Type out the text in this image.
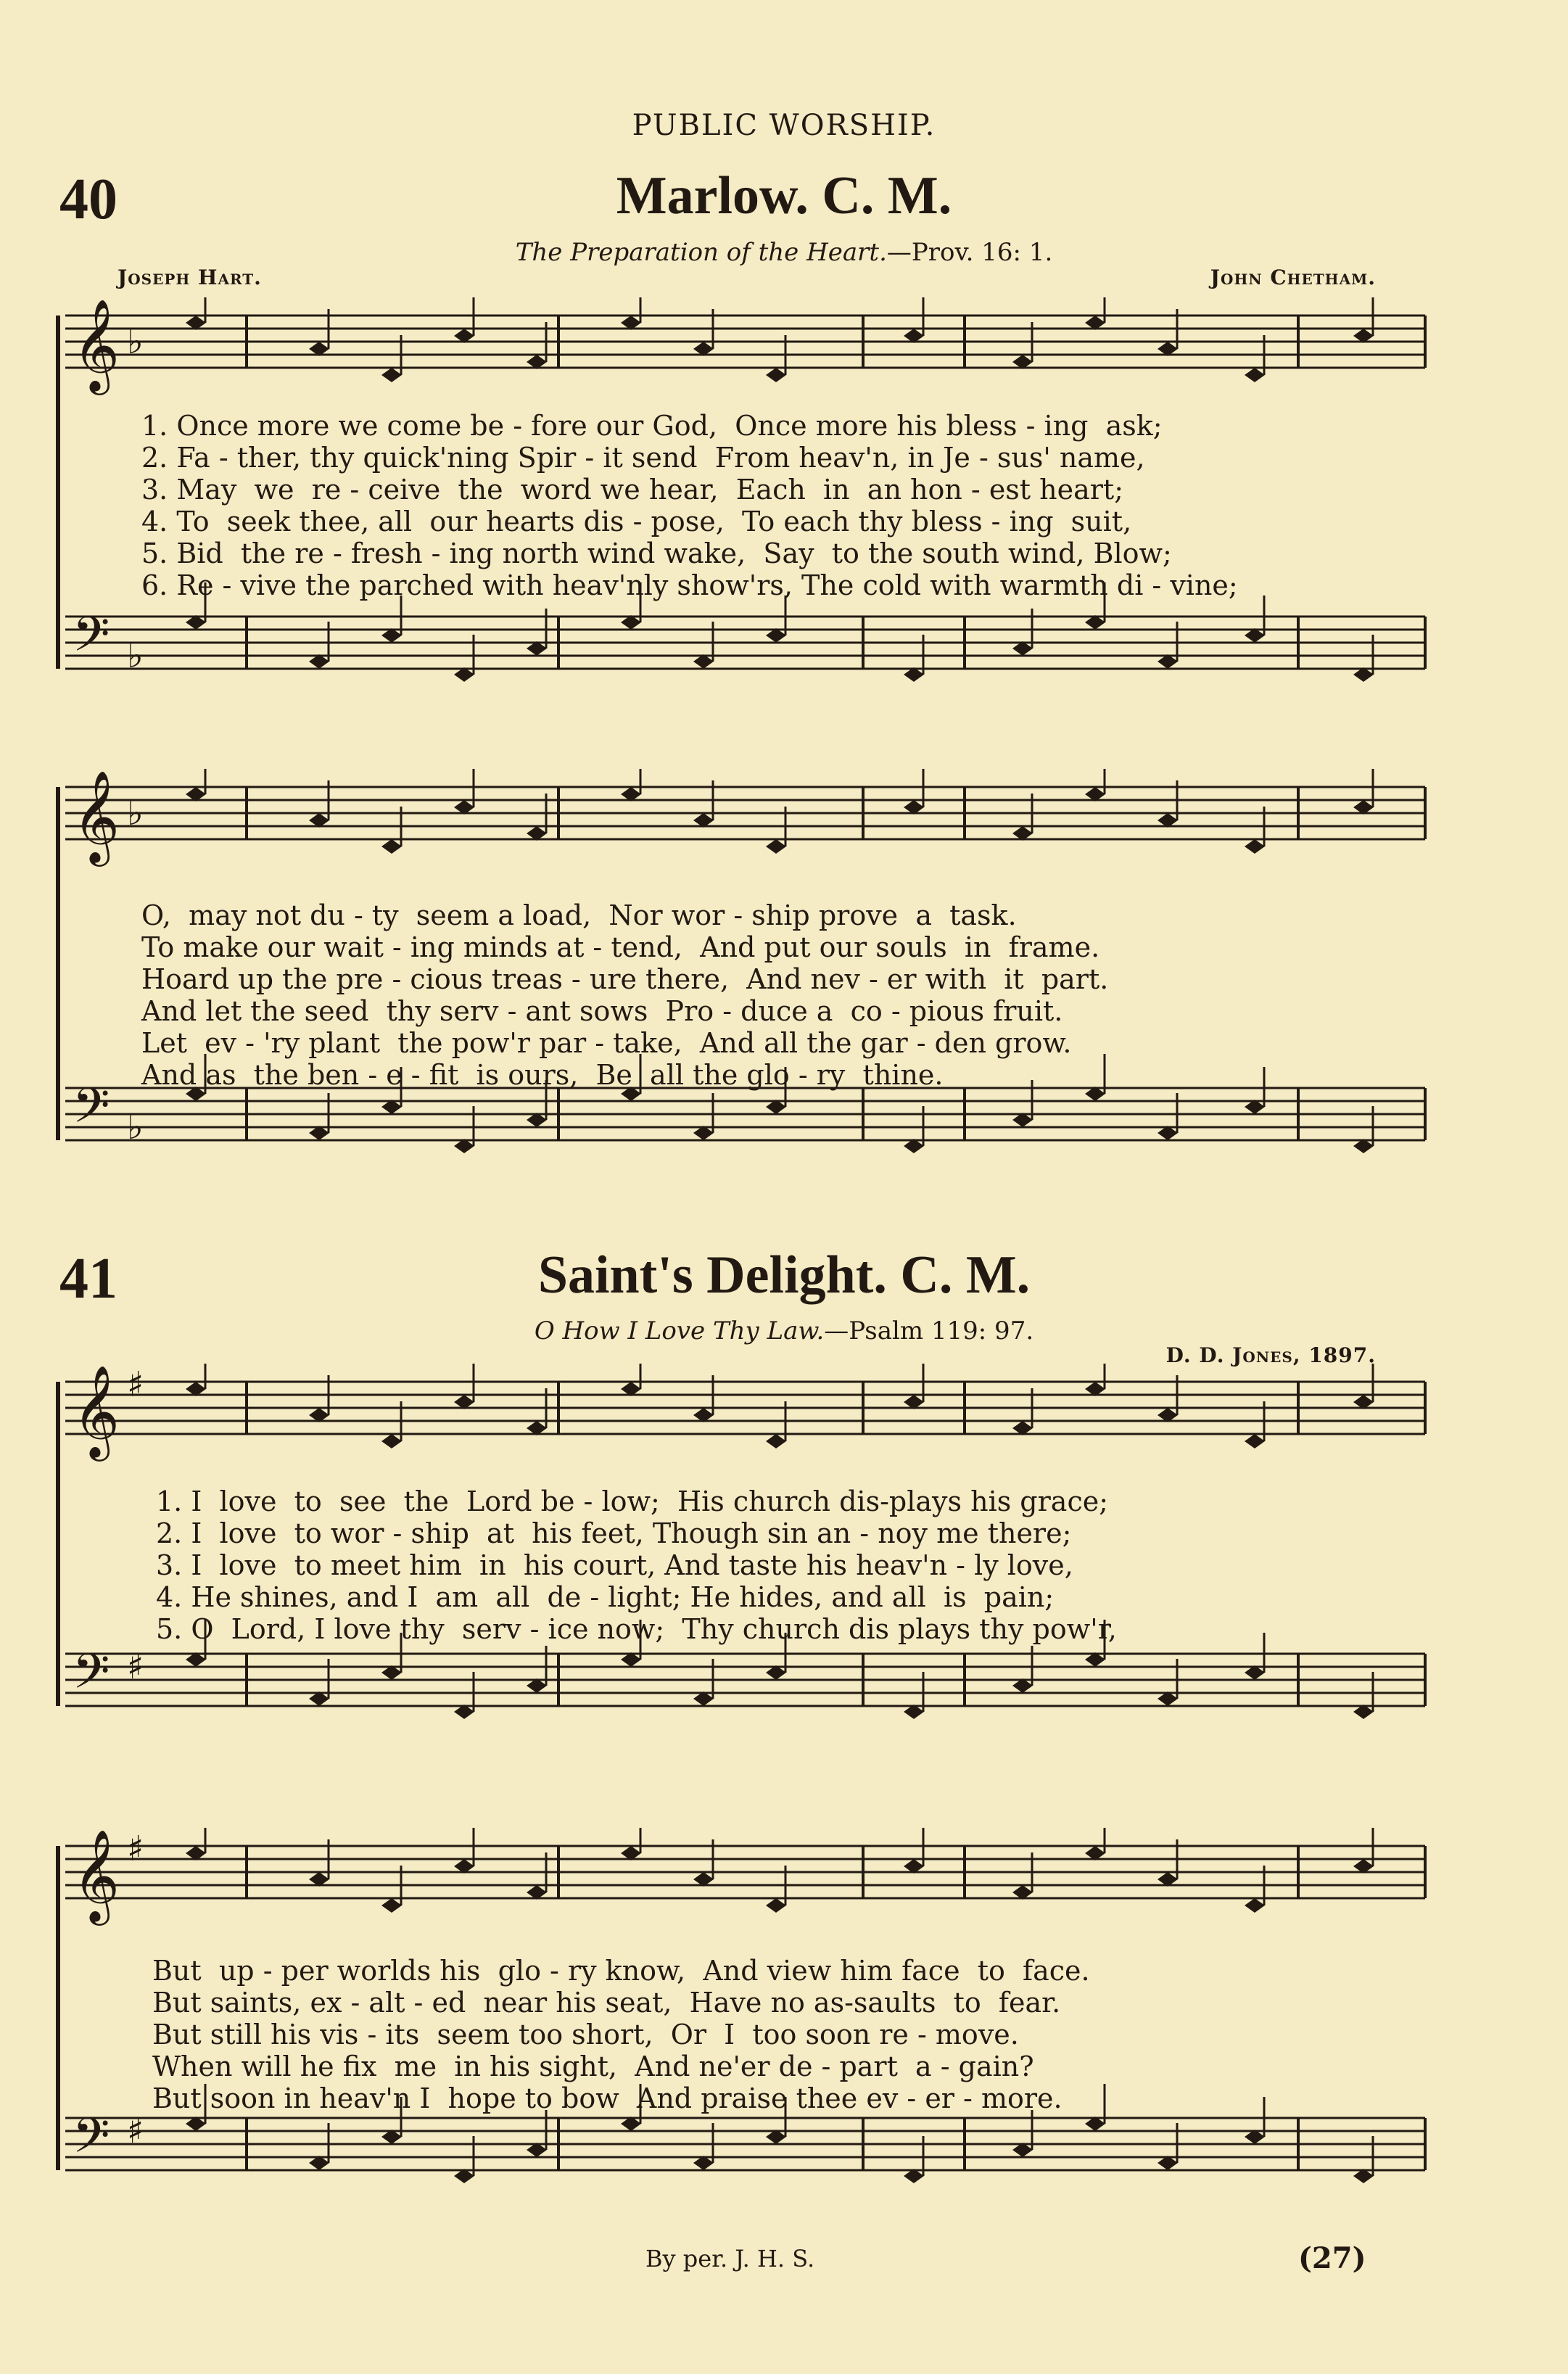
PUBLIC WORSHIP.
40	Marlow. C. M.
The Preparation of the Heart.—Prov. 16: 1.
Joseph Hart.	John Chetham.
𝄞 ♭
𝄢 ♭
1. Once more we come be - fore our God,  Once more his bless - ing  ask;
2. Fa - ther, thy quick'ning Spir - it send  From heav'n, in Je - sus' name,
3. May  we  re - ceive  the  word we hear,  Each  in  an hon - est heart;
4. To  seek thee, all  our hearts dis - pose,  To each thy bless - ing  suit,
5. Bid  the re - fresh - ing north wind wake,  Say  to the south wind, Blow;
6. Re - vive the parched with heav'nly show'rs, The cold with warmth di - vine;
𝄞 ♭
𝄢 ♭
O,  may not du - ty  seem a load,  Nor wor - ship prove  a  task.
To make our wait - ing minds at - tend,  And put our souls  in  frame.
Hoard up the pre - cious treas - ure there,  And nev - er with  it  part.
And let the seed  thy serv - ant sows  Pro - duce a  co - pious fruit.
Let  ev - 'ry plant  the pow'r par - take,  And all the gar - den grow.
And as  the ben - e - fit  is ours,  Be  all the glo - ry  thine.
41	Saint's Delight. C. M.
O How I Love Thy Law.—Psalm 119: 97.
D. D. Jones, 1897.
𝄞 ♯
𝄢 ♯
1. I  love  to  see  the  Lord be - low;  His church dis-plays his grace;
2. I  love  to wor - ship  at  his feet, Though sin an - noy me there;
3. I  love  to meet him  in  his court, And taste his heav'n - ly love,
4. He shines, and I  am  all  de - light; He hides, and all  is  pain;
5. O  Lord, I love thy  serv - ice now;  Thy church dis plays thy pow'r,
𝄞 ♯
𝄢 ♯
But  up - per worlds his  glo - ry know,  And view him face  to  face.
But saints, ex - alt - ed  near his seat,  Have no as-saults  to  fear.
But still his vis - its  seem too short,  Or  I  too soon re - move.
When will he fix  me  in his sight,  And ne'er de - part  a - gain?
But soon in heav'n I  hope to bow  And praise thee ev - er - more.
By per. J. H. S.	(27)
